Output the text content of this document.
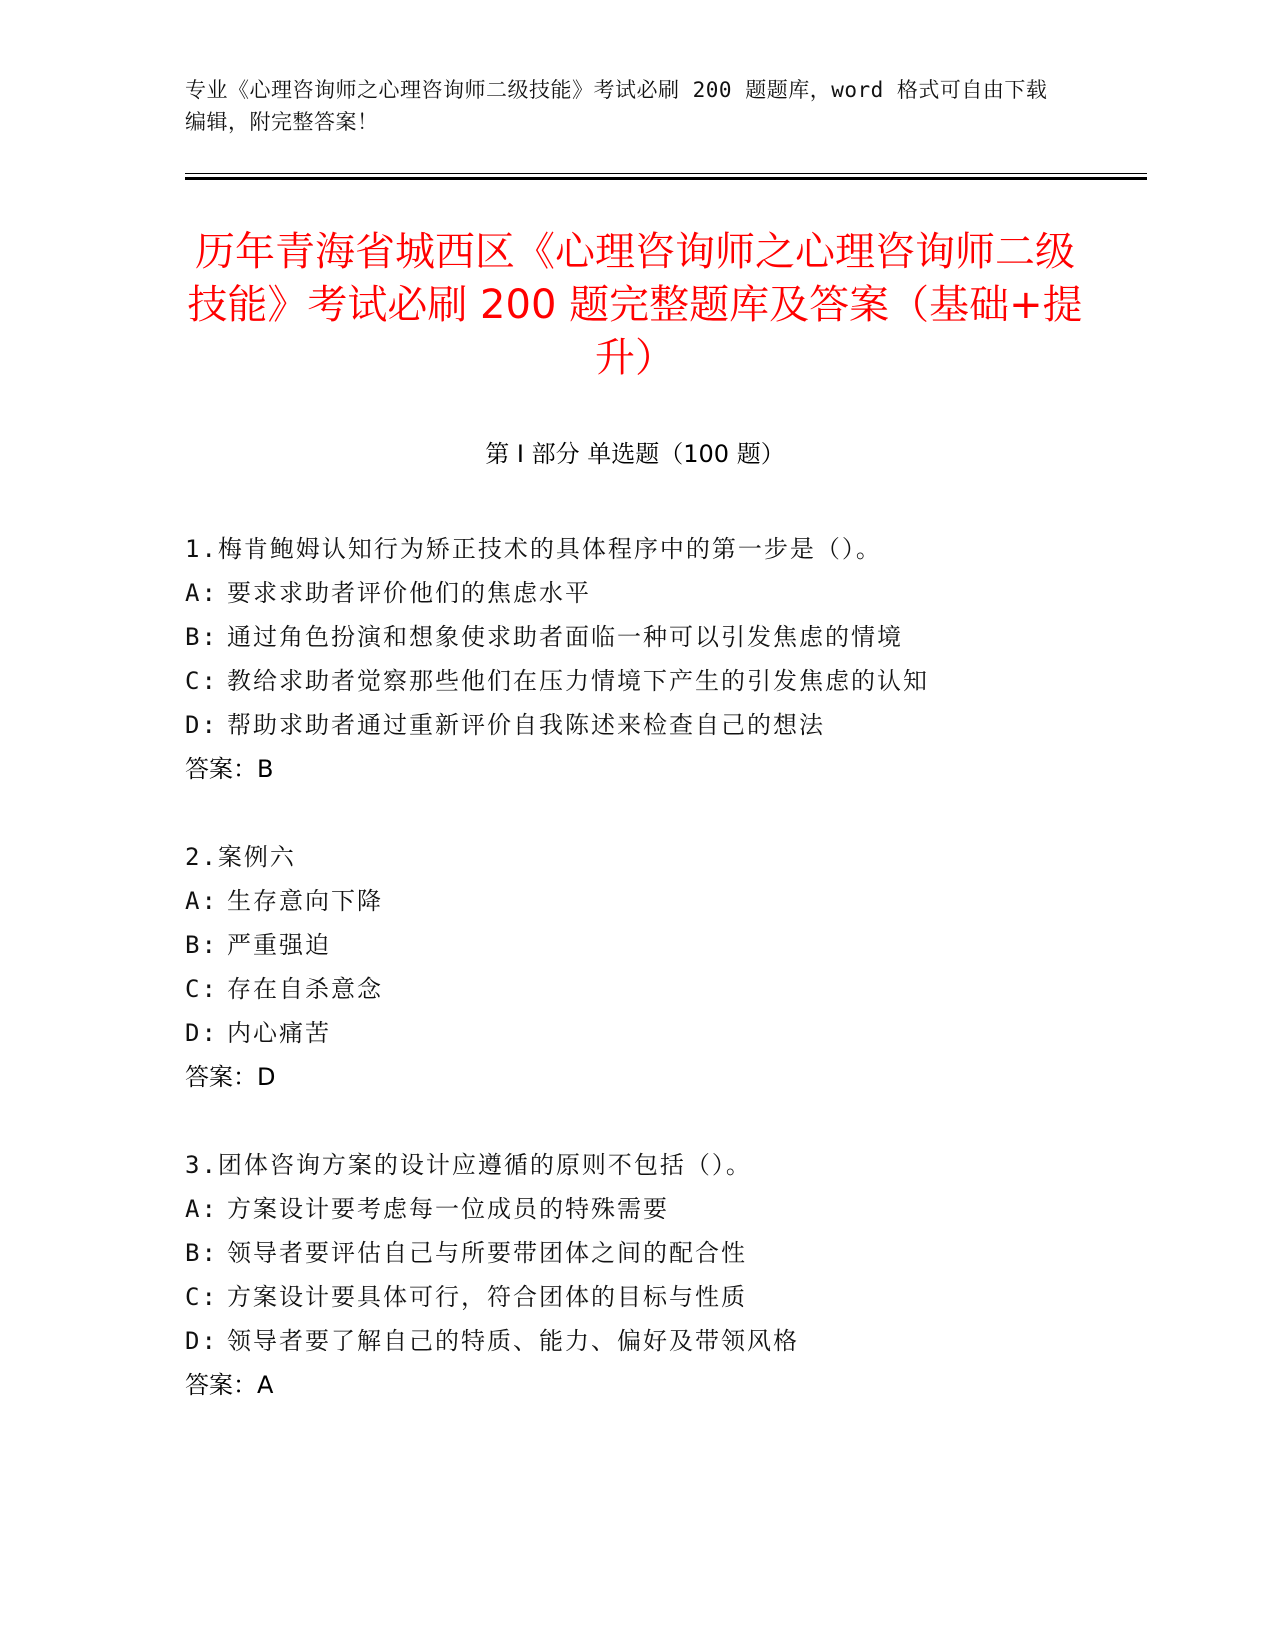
专业《心理咨询师之心理咨询师二级技能》考试必刷 200 题题库，word 格式可自由下载编辑，附完整答案！
历年青海省城西区《心理咨询师之心理咨询师二级技能》考试必刷 200 题完整题库及答案（基础+提升）
第 I 部分 单选题（100 题）
1.梅肯鲍姆认知行为矫正技术的具体程序中的第一步是（）。
A: 要求求助者评价他们的焦虑水平
B: 通过角色扮演和想象使求助者面临一种可以引发焦虑的情境
C: 教给求助者觉察那些他们在压力情境下产生的引发焦虑的认知
D: 帮助求助者通过重新评价自我陈述来检查自己的想法
答案：B
2.案例六
A: 生存意向下降
B: 严重强迫
C: 存在自杀意念
D: 内心痛苦
答案：D
3.团体咨询方案的设计应遵循的原则不包括（）。
A: 方案设计要考虑每一位成员的特殊需要
B: 领导者要评估自己与所要带团体之间的配合性
C: 方案设计要具体可行，符合团体的目标与性质
D: 领导者要了解自己的特质、能力、偏好及带领风格
答案：A
